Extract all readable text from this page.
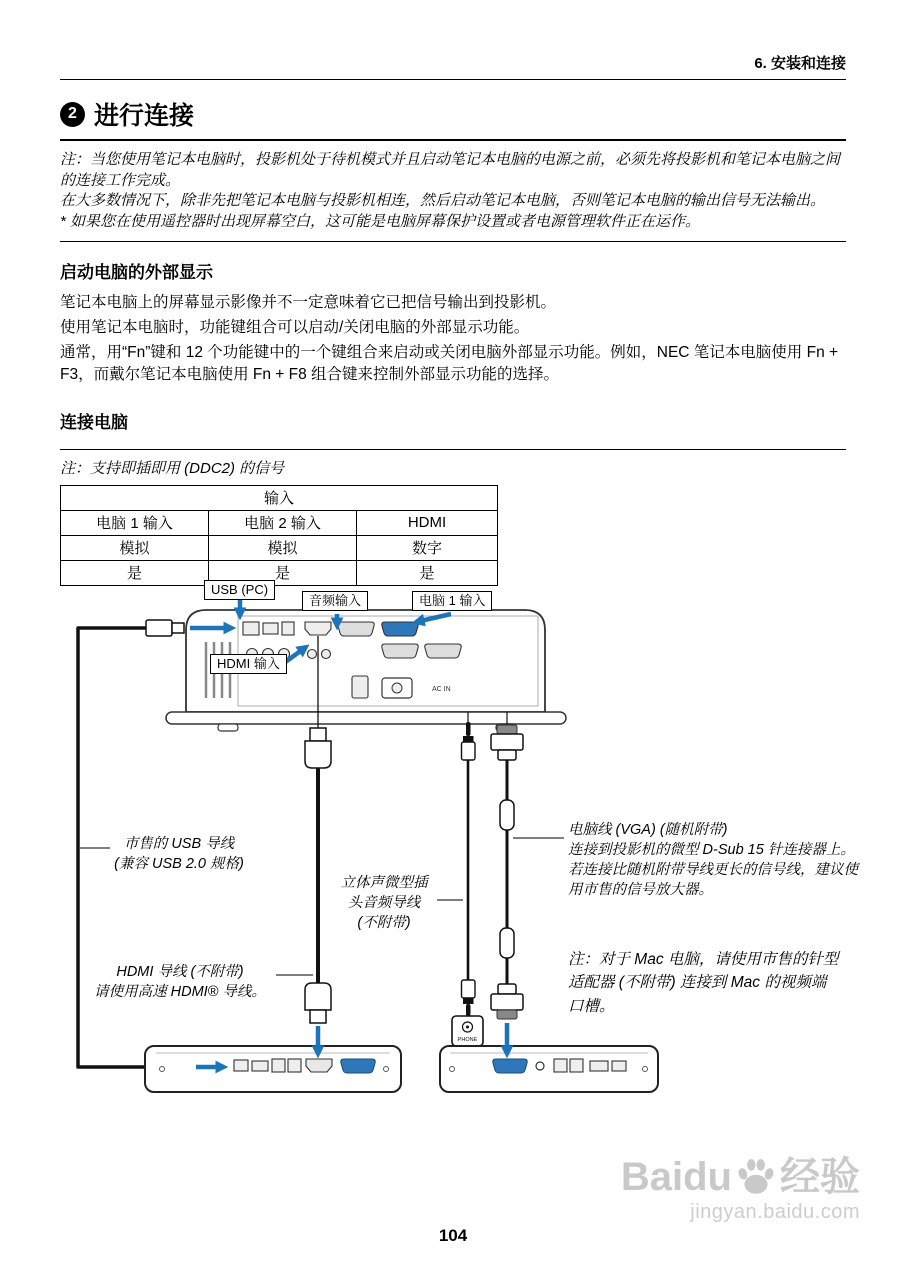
6. 安装和连接
2 进行连接

注：当您使用笔记本电脑时，投影机处于待机模式并且启动笔记本电脑的电源之前，必须先将投影机和笔记本电脑之间的连接工作完成。

在大多数情况下，除非先把笔记本电脑与投影机相连，然后启动笔记本电脑，否则笔记本电脑的输出信号无法输出。

* 如果您在使用遥控器时出现屏幕空白，这可能是电脑屏幕保护设置或者电源管理软件正在运作。

启动电脑的外部显示

笔记本电脑上的屏幕显示影像并不一定意味着它已把信号输出到投影机。

使用笔记本电脑时，功能键组合可以启动/关闭电脑的外部显示功能。

通常，用“Fn”键和 12 个功能键中的一个键组合来启动或关闭电脑外部显示功能。例如，NEC 笔记本电脑使用 Fn + F3，而戴尔笔记本电脑使用 Fn + F8 组合键来控制外部显示功能的选择。

连接电脑

注：支持即插即用 (DDC2) 的信号

输入		
电脑 1 输入	电脑 2 输入	HDMI
模拟	模拟	数字
是	是	是
AC IN
PHONE
USB (PC)
音频输入	电脑 1 输入
HDMI 输入
市售的 USB 导线
(兼容 USB 2.0 规格)
立体声微型插
头音频导线
(不附带)
HDMI 导线 (不附带)
请使用高速 HDMI® 导线。
电脑线 (VGA) (随机附带)
连接到投影机的微型 D-Sub 15 针连接器上。
若连接比随机附带导线更长的信号线，建议使
用市售的信号放大器。
注：对于 Mac 电脑，请使用市售的针型
适配器 (不附带) 连接到 Mac 的视频端
口槽。
Baidu 经验
jingyan.baidu.com
104
